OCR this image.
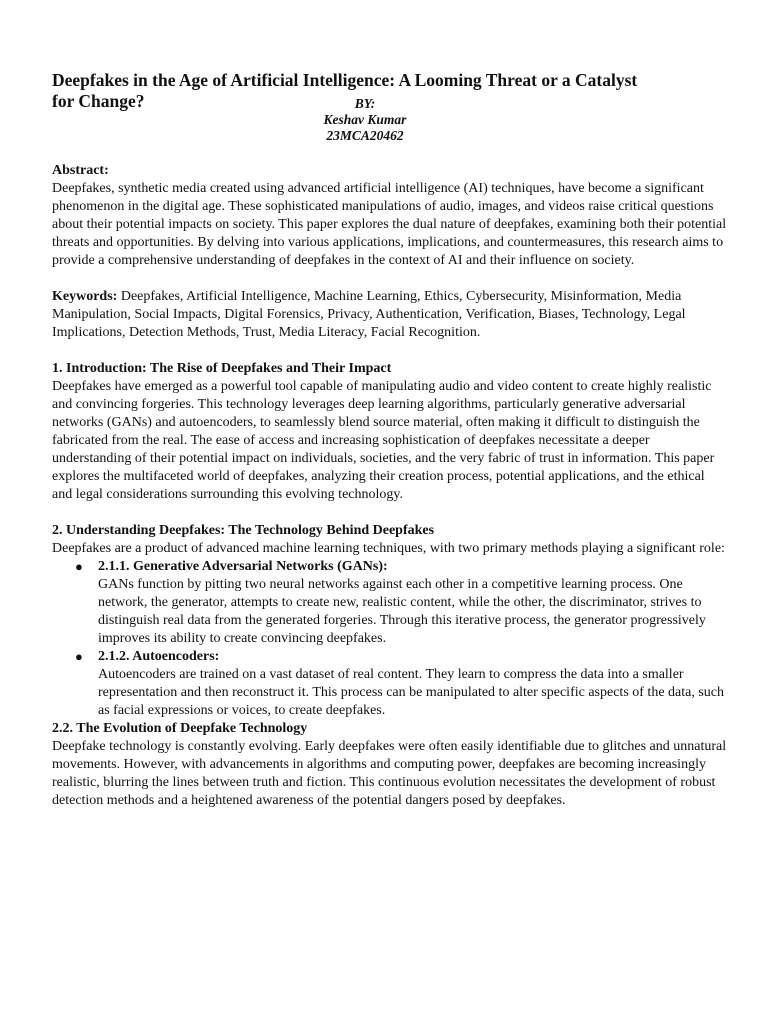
Deepfakes in the Age of Artificial Intelligence: A Looming Threat or a Catalyst
for Change?	BY:
Keshav Kumar
23MCA20462

Abstract:

Deepfakes, synthetic media created using advanced artificial intelligence (AI) techniques, have become a significant phenomenon in the digital age. These sophisticated manipulations of audio, images, and videos raise critical questions about their potential impacts on society. This paper explores the dual nature of deepfakes, examining both their potential threats and opportunities. By delving into various applications, implications, and countermeasures, this research aims to provide a comprehensive understanding of deepfakes in the context of AI and their influence on society.

Keywords: Deepfakes, Artificial Intelligence, Machine Learning, Ethics, Cybersecurity, Misinformation, Media Manipulation, Social Impacts, Digital Forensics, Privacy, Authentication, Verification, Biases, Technology, Legal Implications, Detection Methods, Trust, Media Literacy, Facial Recognition.

1. Introduction: The Rise of Deepfakes and Their Impact

Deepfakes have emerged as a powerful tool capable of manipulating audio and video content to create highly realistic and convincing forgeries. This technology leverages deep learning algorithms, particularly generative adversarial networks (GANs) and autoencoders, to seamlessly blend source material, often making it difficult to distinguish the fabricated from the real. The ease of access and increasing sophistication of deepfakes necessitate a deeper understanding of their potential impact on individuals, societies, and the very fabric of trust in information. This paper explores the multifaceted world of deepfakes, analyzing their creation process, potential applications, and the ethical and legal considerations surrounding this evolving technology.

2. Understanding Deepfakes: The Technology Behind Deepfakes

Deepfakes are a product of advanced machine learning techniques, with two primary methods playing a significant role:

● 2.1.1. Generative Adversarial Networks (GANs):
GANs function by pitting two neural networks against each other in a competitive learning process. One network, the generator, attempts to create new, realistic content, while the other, the discriminator, strives to distinguish real data from the generated forgeries. Through this iterative process, the generator progressively improves its ability to create convincing deepfakes.
● 2.1.2. Autoencoders:
Autoencoders are trained on a vast dataset of real content. They learn to compress the data into a smaller representation and then reconstruct it. This process can be manipulated to alter specific aspects of the data, such as facial expressions or voices, to create deepfakes.

2.2. The Evolution of Deepfake Technology

Deepfake technology is constantly evolving. Early deepfakes were often easily identifiable due to glitches and unnatural movements. However, with advancements in algorithms and computing power, deepfakes are becoming increasingly realistic, blurring the lines between truth and fiction. This continuous evolution necessitates the development of robust detection methods and a heightened awareness of the potential dangers posed by deepfakes.
